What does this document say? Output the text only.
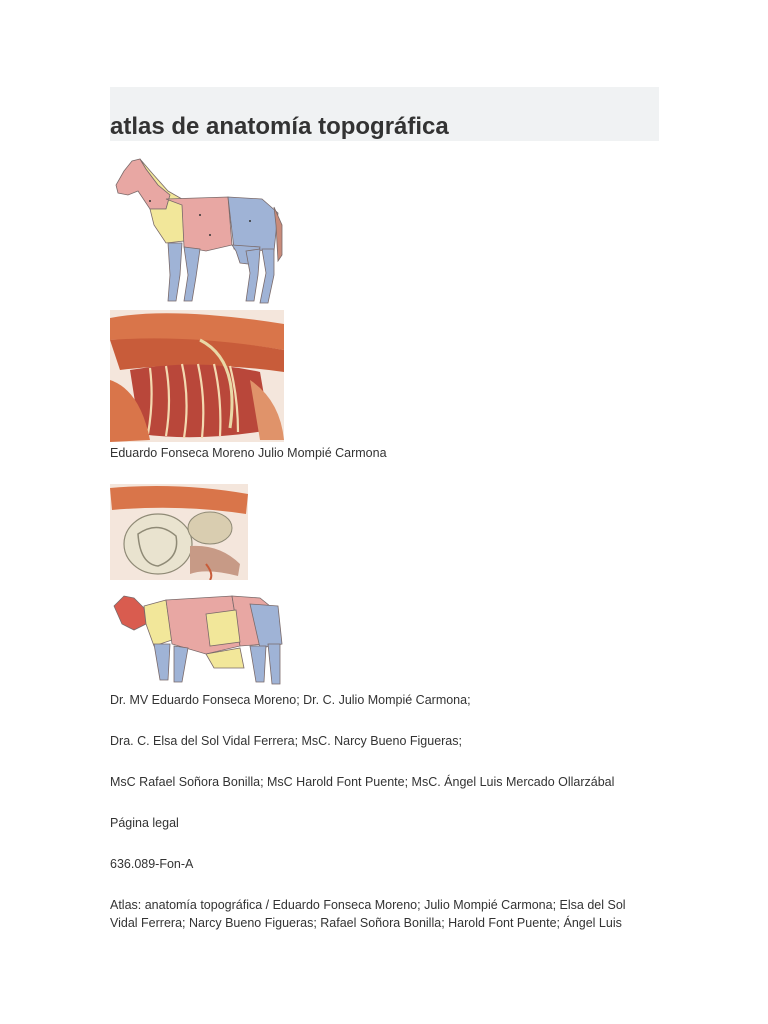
atlas de anatomía topográfica

Eduardo Fonseca Moreno Julio Mompié Carmona

Dr. MV Eduardo Fonseca Moreno; Dr. C. Julio Mompié Carmona;

Dra. C. Elsa del Sol Vidal Ferrera; MsC. Narcy Bueno Figueras;

MsC Rafael Soñora Bonilla; MsC Harold Font Puente; MsC. Ángel Luis Mercado Ollarzábal

Página legal

636.089-Fon-A

Atlas: anatomía topográfica / Eduardo Fonseca Moreno; Julio Mompié Carmona; Elsa del Sol Vidal Ferrera; Narcy Bueno Figueras; Rafael Soñora Bonilla; Harold Font Puente; Ángel Luis
